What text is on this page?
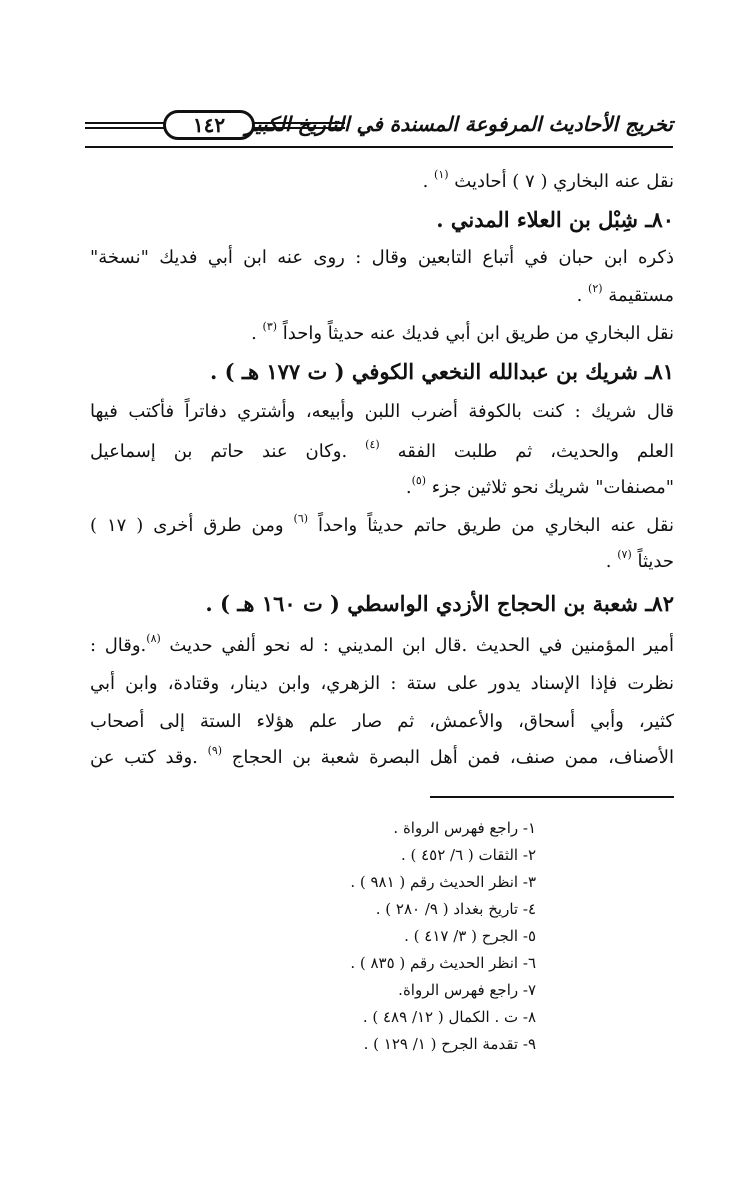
١٤٢ تخريج الأحاديث المرفوعة المسندة في التاريخ الكبير
نقل عنه البخاري ( ٧ ) أحاديث $^{(١)}$ .
٨٠ـ شِبْل بن العلاء المدني .
ذكره ابن حبان في أتباع التابعين وقال : روى عنه ابن أبي فديك "نسخة"
مستقيمة $^{(٢)}$ .
نقل البخاري من طريق ابن أبي فديك عنه حديثاً واحداً $^{(٣)}$ .
٨١ـ شريك بن عبدالله النخعي الكوفي ( ت ١٧٧ هـ ) .
قال شريك : كنت بالكوفة أضرب اللبن وأبيعه، وأشتري دفاتراً فأكتب فيها
العلم والحديث، ثم طلبت الفقه $^{(٤)}$ .وكان عند حاتم بن إسماعيل
"مصنفات" شريك نحو ثلاثين جزء $^{(٥)}$.
نقل عنه البخاري من طريق حاتم حديثاً واحداً $^{(٦)}$ ومن طرق أخرى ( ١٧ )
حديثاً $^{(٧)}$ .
٨٢ـ شعبة بن الحجاج الأزدي الواسطي ( ت ١٦٠ هـ ) .
أمير المؤمنين في الحديث .قال ابن المديني : له نحو ألفي حديث $^{(٨)}$.وقال :
نظرت فإذا الإسناد يدور على ستة : الزهري، وابن دينار، وقتادة، وابن أبي
كثير، وأبي أسحاق، والأعمش، ثم صار علم هؤلاء الستة إلى أصحاب
الأصناف، ممن صنف، فمن أهل البصرة شعبة بن الحجاج $^{(٩)}$ .وقد كتب عن
١- راجع فهرس الرواة .
٢- الثقات ( ٦/ ٤٥٢ ) .
٣- انظر الحديث رقم ( ٩٨١ ) .
٤- تاريخ بغداد ( ٩/ ٢٨٠ ) .
٥- الجرح ( ٣/ ٤١٧ ) .
٦- انظر الحديث رقم ( ٨٣٥ ) .
٧- راجع فهرس الرواة.
٨- ت . الكمال ( ١٢/ ٤٨٩ ) .
٩- تقدمة الجرح ( ١/ ١٢٩ ) .
